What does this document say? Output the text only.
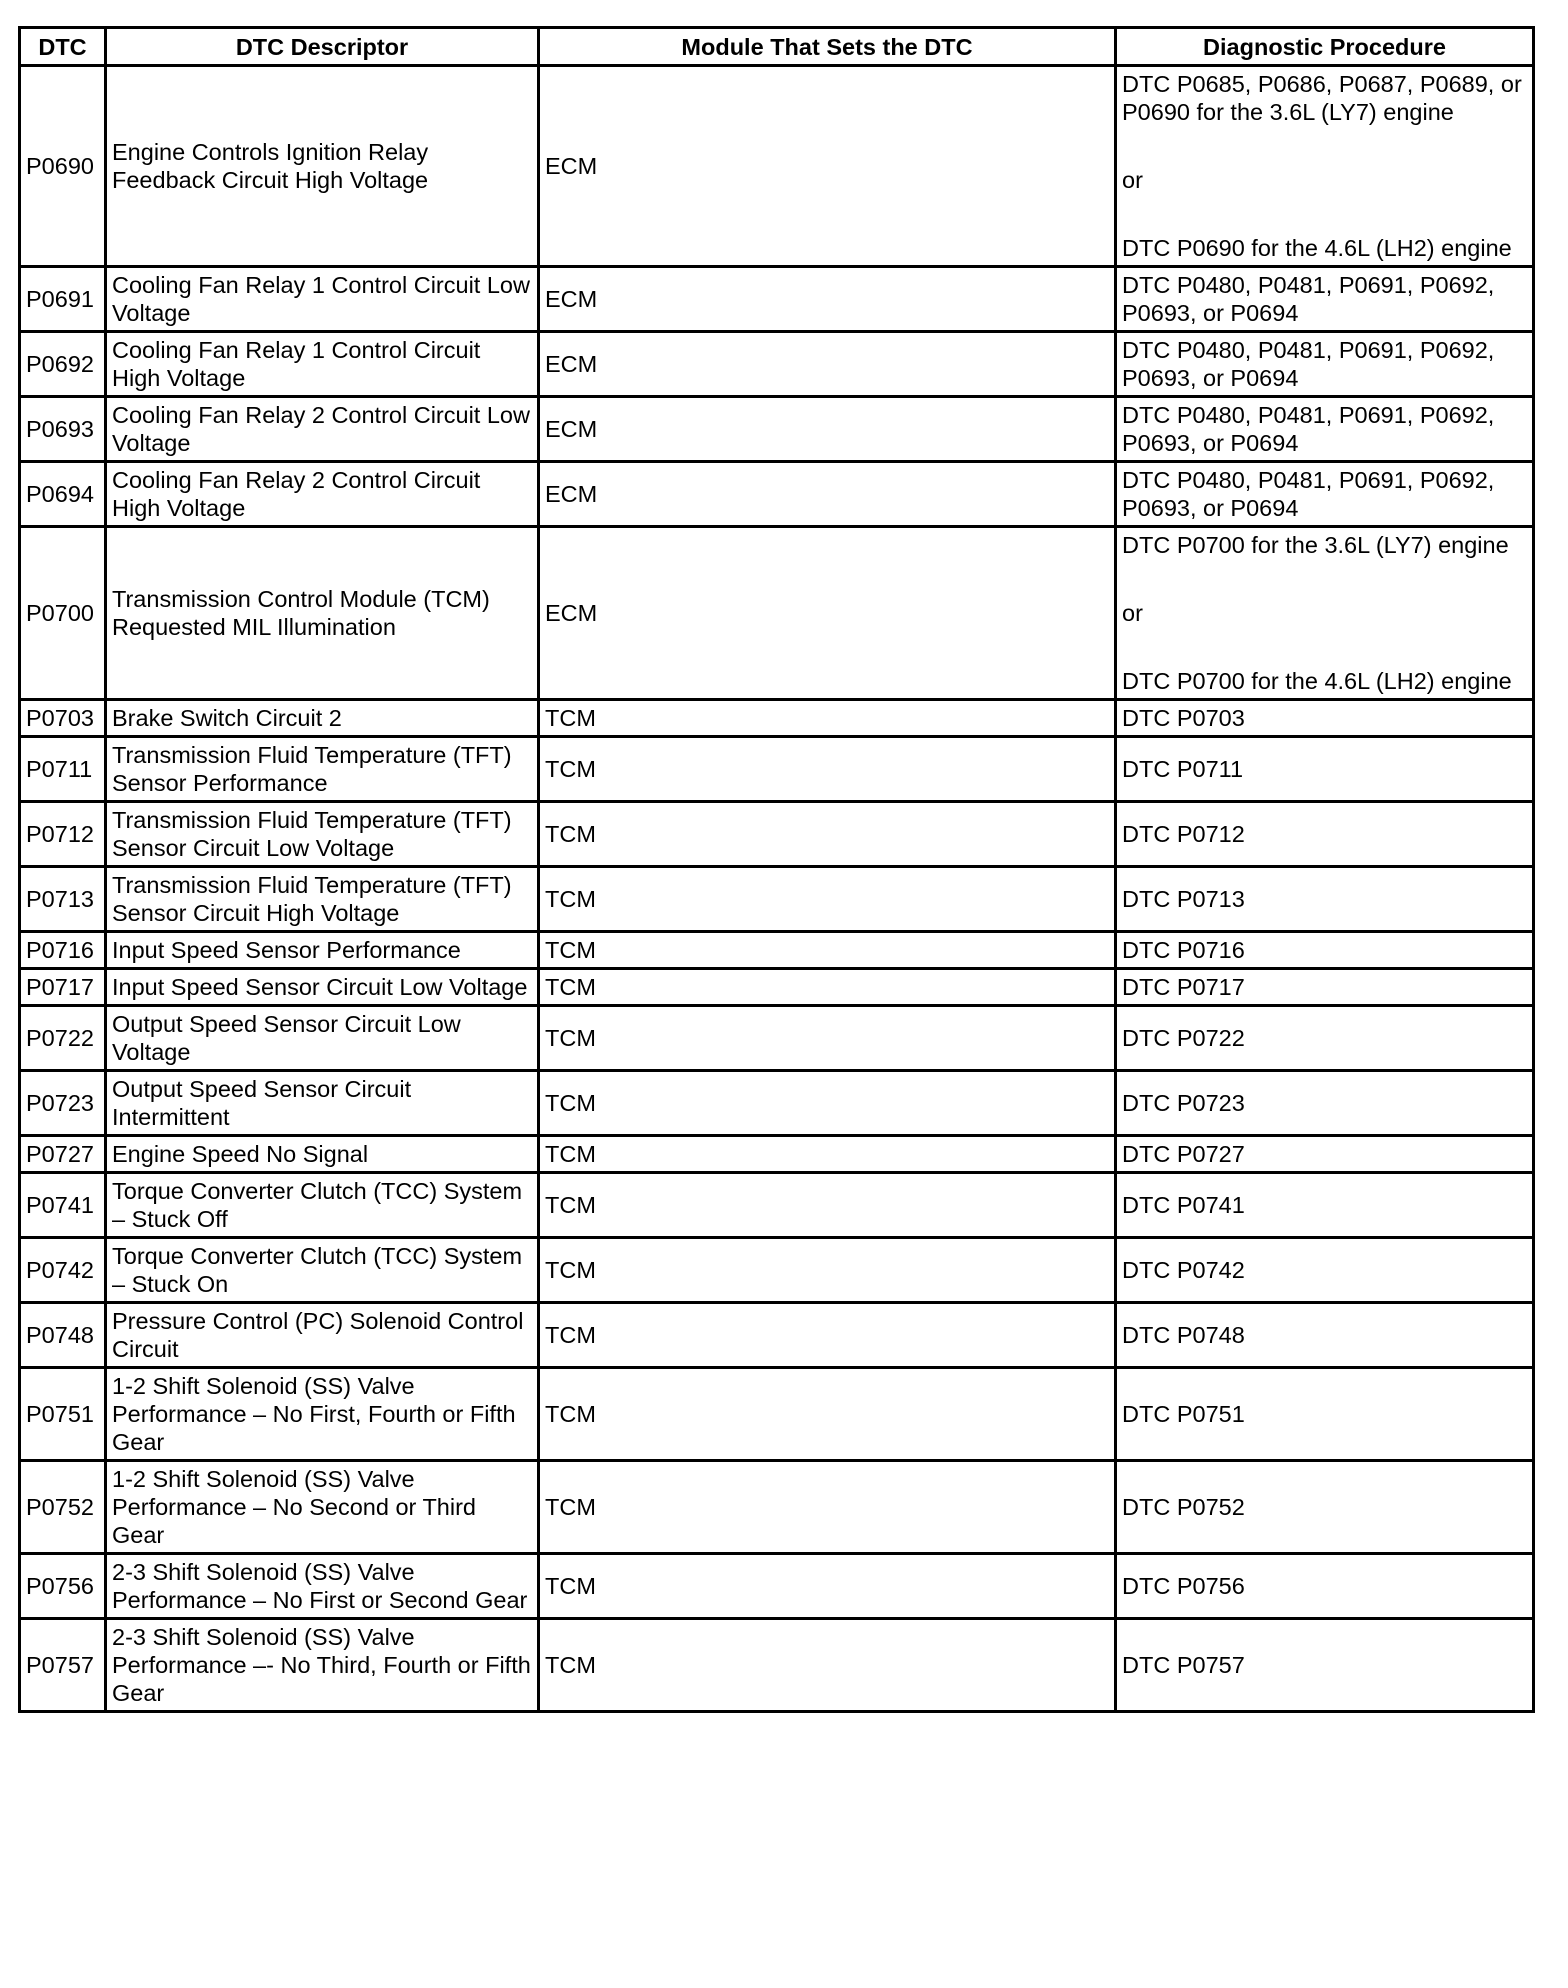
DTC	DTC Descriptor	Module That Sets the DTC	Diagnostic Procedure
P0690	Engine Controls Ignition Relay Feedback Circuit High Voltage	ECM	DTC P0685, P0686, P0687, P0689, or P0690 for the 3.6L (LY7) engine
or
DTC P0690 for the 4.6L (LH2) engine

P0691	Cooling Fan Relay 1 Control Circuit Low Voltage	ECM	DTC P0480, P0481, P0691, P0692, P0693, or P0694

P0692	Cooling Fan Relay 1 Control Circuit High Voltage	ECM	DTC P0480, P0481, P0691, P0692, P0693, or P0694

P0693	Cooling Fan Relay 2 Control Circuit Low Voltage	ECM	DTC P0480, P0481, P0691, P0692, P0693, or P0694

P0694	Cooling Fan Relay 2 Control Circuit High Voltage	ECM	DTC P0480, P0481, P0691, P0692, P0693, or P0694

P0700	Transmission Control Module (TCM) Requested MIL Illumination	ECM	DTC P0700 for the 3.6L (LY7) engine
or
DTC P0700 for the 4.6L (LH2) engine

P0703	Brake Switch Circuit 2	TCM	DTC P0703

P0711	Transmission Fluid Temperature (TFT) Sensor Performance	TCM	DTC P0711

P0712	Transmission Fluid Temperature (TFT) Sensor Circuit Low Voltage	TCM	DTC P0712

P0713	Transmission Fluid Temperature (TFT) Sensor Circuit High Voltage	TCM	DTC P0713

P0716	Input Speed Sensor Performance	TCM	DTC P0716

P0717	Input Speed Sensor Circuit Low Voltage	TCM	DTC P0717

P0722	Output Speed Sensor Circuit Low Voltage	TCM	DTC P0722

P0723	Output Speed Sensor Circuit Intermittent	TCM	DTC P0723

P0727	Engine Speed No Signal	TCM	DTC P0727

P0741	Torque Converter Clutch (TCC) System – Stuck Off	TCM	DTC P0741

P0742	Torque Converter Clutch (TCC) System – Stuck On	TCM	DTC P0742

P0748	Pressure Control (PC) Solenoid Control Circuit	TCM	DTC P0748

P0751	1-2 Shift Solenoid (SS) Valve Performance – No First, Fourth or Fifth Gear	TCM	DTC P0751

P0752	1-2 Shift Solenoid (SS) Valve Performance – No Second or Third Gear	TCM	DTC P0752

P0756	2-3 Shift Solenoid (SS) Valve Performance – No First or Second Gear	TCM	DTC P0756

P0757	2-3 Shift Solenoid (SS) Valve Performance –- No Third, Fourth or Fifth Gear	TCM	DTC P0757
